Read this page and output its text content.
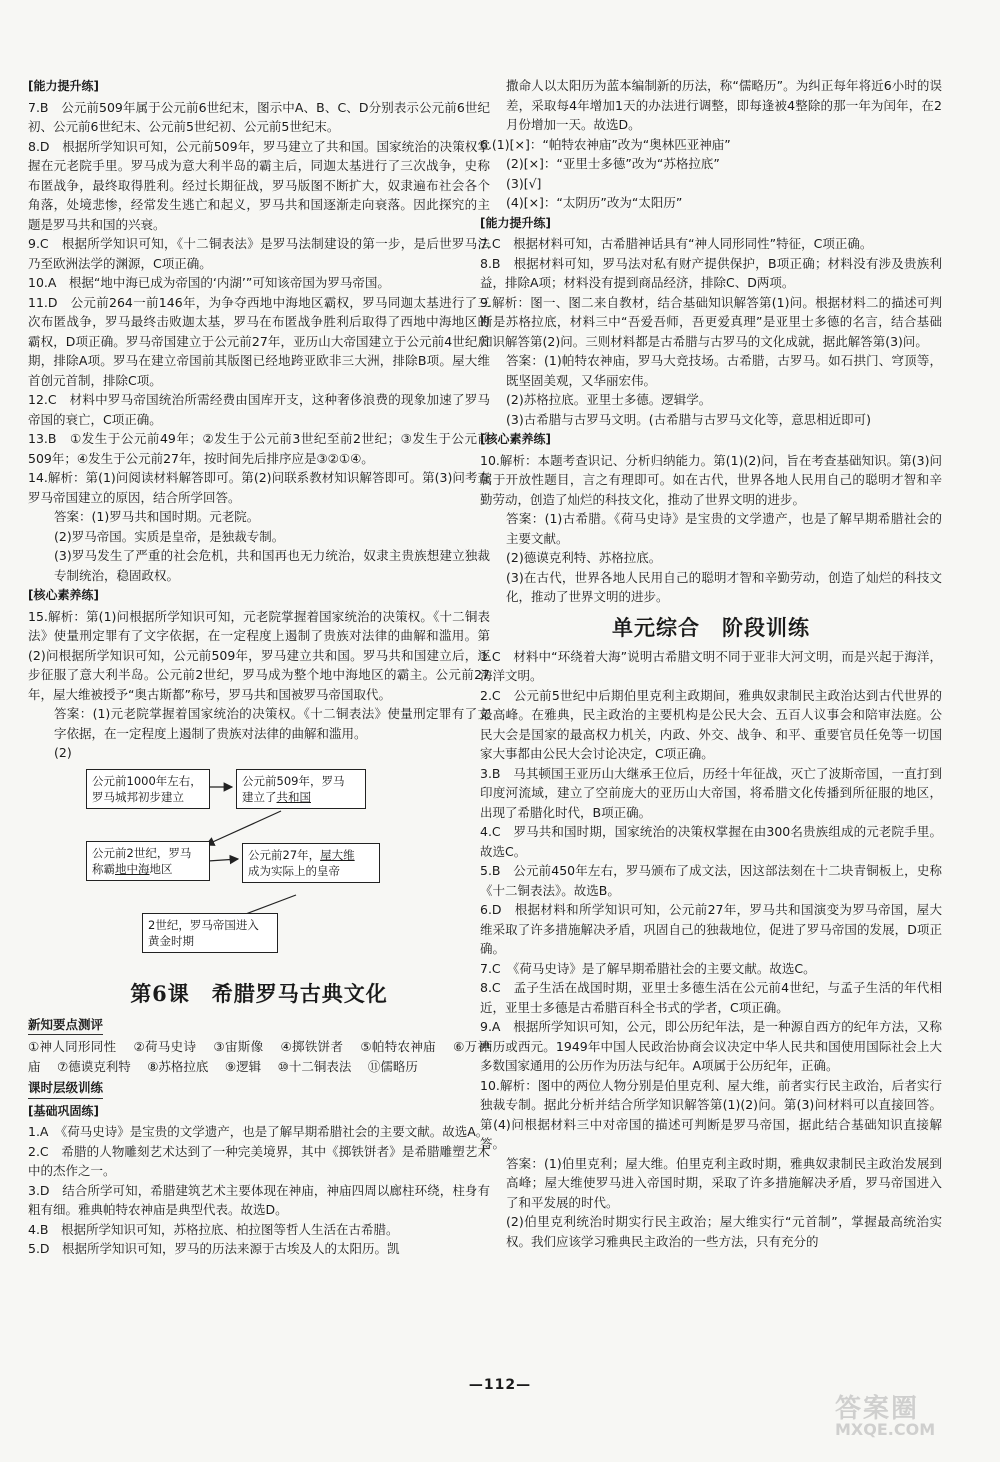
[能力提升练]

7.B　公元前509年属于公元前6世纪末，图示中A、B、C、D分别表示公元前6世纪初、公元前6世纪末、公元前5世纪初、公元前5世纪末。

8.D　根据所学知识可知，公元前509年，罗马建立了共和国。国家统治的决策权掌握在元老院手里。罗马成为意大利半岛的霸主后，同迦太基进行了三次战争，史称布匿战争，最终取得胜利。经过长期征战，罗马版图不断扩大，奴隶遍布社会各个角落，处境悲惨，经常发生逃亡和起义，罗马共和国逐渐走向衰落。因此探究的主题是罗马共和国的兴衰。

9.C　根据所学知识可知，《十二铜表法》是罗马法制建设的第一步，是后世罗马法乃至欧洲法学的渊源，C项正确。

10.A　根据“地中海已成为帝国的‘内湖’”可知该帝国为罗马帝国。

11.D　公元前264一前146年，为争夺西地中海地区霸权，罗马同迦太基进行了三次布匿战争，罗马最终击败迦太基，罗马在布匿战争胜利后取得了西地中海地区的霸权，D项正确。罗马帝国建立于公元前27年，亚历山大帝国建立于公元前4世纪后期，排除A项。罗马在建立帝国前其版图已经地跨亚欧非三大洲，排除B项。屋大维首创元首制，排除C项。

12.C　材料中罗马帝国统治所需经费由国库开支，这种奢侈浪费的现象加速了罗马帝国的衰亡，C项正确。

13.B　①发生于公元前49年；②发生于公元前3世纪至前2世纪；③发生于公元前509年；④发生于公元前27年，按时间先后排序应是③②①④。

14.解析：第(1)问阅读材料解答即可。第(2)问联系教材知识解答即可。第(3)问考查罗马帝国建立的原因，结合所学回答。

答案：(1)罗马共和国时期。元老院。

(2)罗马帝国。实质是皇帝，是独裁专制。

(3)罗马发生了严重的社会危机，共和国再也无力统治，奴隶主贵族想建立独裁专制统治，稳固政权。

[核心素养练]

15.解析：第(1)问根据所学知识可知，元老院掌握着国家统治的决策权。《十二铜表法》使量刑定罪有了文字依据，在一定程度上遏制了贵族对法律的曲解和滥用。第(2)问根据所学知识可知，公元前509年，罗马建立共和国。罗马共和国建立后，逐步征服了意大利半岛。公元前2世纪，罗马成为整个地中海地区的霸主。公元前27年，屋大维被授予“奥古斯都”称号，罗马共和国被罗马帝国取代。

答案：(1)元老院掌握着国家统治的决策权。《十二铜表法》使量刑定罪有了文字依据，在一定程度上遏制了贵族对法律的曲解和滥用。

(2)

公元前1000年左右，
罗马城邦初步建立
公元前509年，罗马
建立了共和国
公元前2世纪，罗马
称霸地中海地区
公元前27年，屋大维
成为实际上的皇帝
2世纪，罗马帝国进入
黄金时期
第6课　希腊罗马古典文化
新知要点测评

①神人同形同性　 ②荷马史诗　 ③宙斯像　 ④掷铁饼者　 ⑤帕特农神庙　 ⑥万神庙　 ⑦德谟克利特　 ⑧苏格拉底　 ⑨逻辑　 ⑩十二铜表法　 ⑪儒略历

课时层级训练

[基础巩固练]

1.A　《荷马史诗》是宝贵的文学遗产，也是了解早期希腊社会的主要文献。故选A。

2.C　希腊的人物雕刻艺术达到了一种完美境界，其中《掷铁饼者》是希腊雕塑艺术中的杰作之一。

3.D　结合所学可知，希腊建筑艺术主要体现在神庙，神庙四周以廊柱环绕，柱身有粗有细。雅典帕特农神庙是典型代表。故选D。

4.B　根据所学知识可知，苏格拉底、柏拉图等哲人生活在古希腊。

5.D　根据所学知识可知，罗马的历法来源于古埃及人的太阳历。凯

撒命人以太阳历为蓝本编制新的历法，称“儒略历”。为纠正每年将近6小时的误差，采取每4年增加1天的办法进行调整，即每逢被4整除的那一年为闰年，在2月份增加一天。故选D。

6.(1)[×]：“帕特农神庙”改为“奥林匹亚神庙”

(2)[×]：“亚里士多德”改为“苏格拉底”

(3)[√]

(4)[×]：“太阴历”改为“太阳历”

[能力提升练]

7.C　根据材料可知，古希腊神话具有“神人同形同性”特征，C项正确。

8.B　根据材料可知，罗马法对私有财产提供保护，B项正确；材料没有涉及贵族利益，排除A项；材料没有提到商品经济，排除C、D两项。

9.解析：图一、图二来自教材，结合基础知识解答第(1)问。根据材料二的描述可判断是苏格拉底，材料三中“吾爱吾师，吾更爱真理”是亚里士多德的名言，结合基础知识解答第(2)问。三则材料都是古希腊与古罗马的文化成就，据此解答第(3)问。

答案：(1)帕特农神庙，罗马大竞技场。古希腊，古罗马。如石拱门、穹顶等，既坚固美观，又华丽宏伟。

(2)苏格拉底。亚里士多德。逻辑学。

(3)古希腊与古罗马文明。(古希腊与古罗马文化等，意思相近即可)

[核心素养练]

10.解析：本题考查识记、分析归纳能力。第(1)(2)问，旨在考查基础知识。第(3)问属于开放性题目，言之有理即可。如在古代，世界各地人民用自己的聪明才智和辛勤劳动，创造了灿烂的科技文化，推动了世界文明的进步。

答案：(1)古希腊。《荷马史诗》是宝贵的文学遗产，也是了解早期希腊社会的主要文献。

(2)德谟克利特、苏格拉底。

(3)在古代，世界各地人民用自己的聪明才智和辛勤劳动，创造了灿烂的科技文化，推动了世界文明的进步。

单元综合　阶段训练

1.C　材料中“环绕着大海”说明古希腊文明不同于亚非大河文明，而是兴起于海洋，海洋文明。

2.C　公元前5世纪中后期伯里克利主政期间，雅典奴隶制民主政治达到古代世界的最高峰。在雅典，民主政治的主要机构是公民大会、五百人议事会和陪审法庭。公民大会是国家的最高权力机关，内政、外交、战争、和平、重要官员任免等一切国家大事都由公民大会讨论决定，C项正确。

3.B　马其顿国王亚历山大继承王位后，历经十年征战，灭亡了波斯帝国，一直打到印度河流域，建立了空前庞大的亚历山大帝国，将希腊文化传播到所征服的地区，出现了希腊化时代，B项正确。

4.C　罗马共和国时期，国家统治的决策权掌握在由300名贵族组成的元老院手里。故选C。

5.B　公元前450年左右，罗马颁布了成文法，因这部法刻在十二块青铜板上，史称《十二铜表法》。故选B。

6.D　根据材料和所学知识可知，公元前27年，罗马共和国演变为罗马帝国，屋大维采取了许多措施解决矛盾，巩固自己的独裁地位，促进了罗马帝国的发展，D项正确。

7.C　《荷马史诗》是了解早期希腊社会的主要文献。故选C。

8.C　孟子生活在战国时期，亚里士多德生活在公元前4世纪，与孟子生活的年代相近，亚里士多德是古希腊百科全书式的学者，C项正确。

9.A　根据所学知识可知，公元，即公历纪年法，是一种源自西方的纪年方法，又称西历或西元。1949年中国人民政治协商会议决定中华人民共和国使用国际社会上大多数国家通用的公历作为历法与纪年。A项属于公历纪年，正确。

10.解析：图中的两位人物分别是伯里克利、屋大维，前者实行民主政治，后者实行独裁专制。据此分析并结合所学知识解答第(1)(2)问。第(3)问材料可以直接回答。第(4)问根据材料三中对帝国的描述可判断是罗马帝国，据此结合基础知识直接解答。

答案：(1)伯里克利；屋大维。伯里克利主政时期，雅典奴隶制民主政治发展到高峰；屋大维使罗马进入帝国时期，采取了许多措施解决矛盾，罗马帝国进入了和平发展的时代。

(2)伯里克利统治时期实行民主政治；屋大维实行“元首制”，掌握最高统治实权。我们应该学习雅典民主政治的一些方法，只有充分的

—112—
答案圈
MXQE.COM
